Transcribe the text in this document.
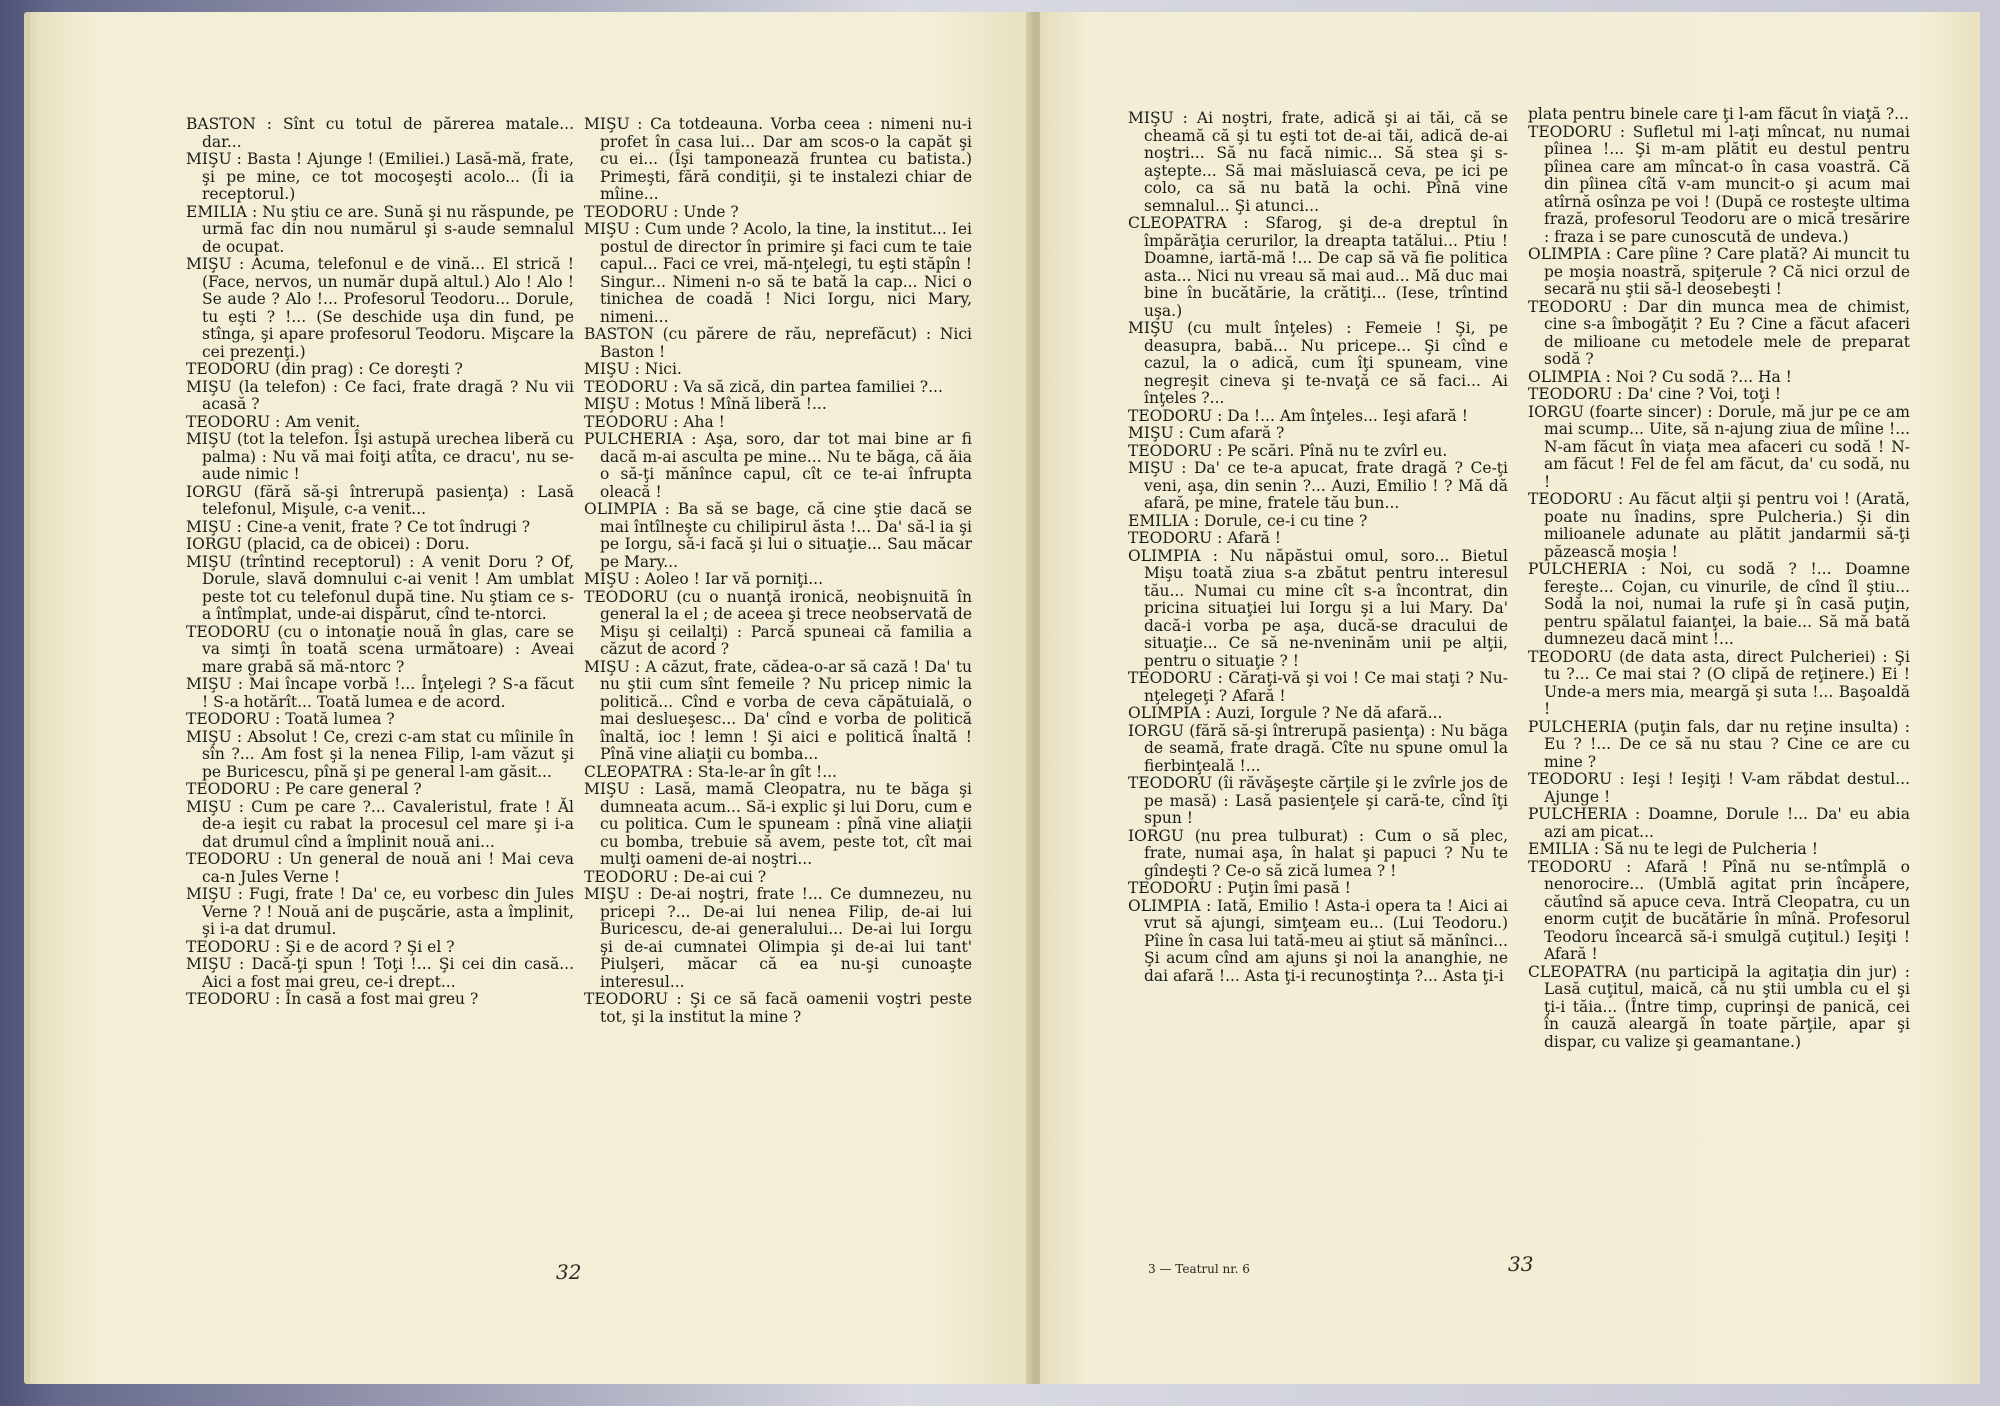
BASTON : Sînt cu totul de părerea matale... dar...

MIŞU : Basta ! Ajunge ! (Emiliei.) Lasă-mă, frate, şi pe mine, ce tot mocoşeşti acolo... (Îi ia receptorul.)

EMILIA : Nu ştiu ce are. Sună şi nu răspunde, pe urmă fac din nou numărul şi s-aude semnalul de ocupat.

MIŞU : Acuma, telefonul e de vină... El strică ! (Face, nervos, un număr după altul.) Alo ! Alo ! Se aude ? Alo !... Profesorul Teodoru... Dorule, tu eşti ? !... (Se deschide uşa din fund, pe stînga, şi apare profesorul Teodoru. Mişcare la cei prezenţi.)

TEODORU (din prag) : Ce doreşti ?

MIŞU (la telefon) : Ce faci, frate dragă ? Nu vii acasă ?

TEODORU : Am venit.

MIŞU (tot la telefon. Îşi astupă urechea liberă cu palma) : Nu vă mai foiţi atîta, ce dracu', nu se-aude nimic !

IORGU (fără să-şi întrerupă pasienţa) : Lasă telefonul, Mişule, c-a venit...

MIŞU : Cine-a venit, frate ? Ce tot îndrugi ?

IORGU (placid, ca de obicei) : Doru.

MIŞU (trîntind receptorul) : A venit Doru ? Of, Dorule, slavă domnului c-ai venit ! Am umblat peste tot cu telefonul după tine. Nu ştiam ce s-a întîmplat, unde-ai dispărut, cînd te-ntorci.

TEODORU (cu o intonaţie nouă în glas, care se va simţi în toată scena următoare) : Aveai mare grabă să mă-ntorc ?

MIŞU : Mai încape vorbă !... Înţelegi ? S-a făcut ! S-a hotărît... Toată lumea e de acord.

TEODORU : Toată lumea ?

MIŞU : Absolut ! Ce, crezi c-am stat cu mîinile în sîn ?... Am fost şi la nenea Filip, l-am văzut şi pe Buricescu, pînă şi pe general l-am găsit...

TEODORU : Pe care general ?

MIŞU : Cum pe care ?... Cavaleristul, frate ! Ăl de-a ieşit cu rabat la procesul cel mare şi i-a dat drumul cînd a împlinit nouă ani...

TEODORU : Un general de nouă ani ! Mai ceva ca-n Jules Verne !

MIŞU : Fugi, frate ! Da' ce, eu vorbesc din Jules Verne ? ! Nouă ani de puşcărie, asta a împlinit, şi i-a dat drumul.

TEODORU : Şi e de acord ? Şi el ?

MIŞU : Dacă-ţi spun ! Toţi !... Şi cei din casă... Aici a fost mai greu, ce-i drept...

TEODORU : În casă a fost mai greu ?

MIŞU : Ca totdeauna. Vorba ceea : nimeni nu-i profet în casa lui... Dar am scos-o la capăt şi cu ei... (Îşi tamponează fruntea cu batista.) Primeşti, fără condiţii, şi te instalezi chiar de mîine...

TEODORU : Unde ?

MIŞU : Cum unde ? Acolo, la tine, la institut... Iei postul de director în primire şi faci cum te taie capul... Faci ce vrei, mă-nţelegi, tu eşti stăpîn ! Singur... Nimeni n-o să te bată la cap... Nici o tinichea de coadă ! Nici Iorgu, nici Mary, nimeni...

BASTON (cu părere de rău, neprefăcut) : Nici Baston !

MIŞU : Nici.

TEODORU : Va să zică, din partea familiei ?...

MIŞU : Motus ! Mînă liberă !...

TEODORU : Aha !

PULCHERIA : Aşa, soro, dar tot mai bine ar fi dacă m-ai asculta pe mine... Nu te băga, că ăia o să-ţi mănînce capul, cît ce te-ai înfrupta oleacă !

OLIMPIA : Ba să se bage, că cine ştie dacă se mai întîlneşte cu chilipirul ăsta !... Da' să-l ia şi pe Iorgu, să-i facă şi lui o situaţie... Sau măcar pe Mary...

MIŞU : Aoleo ! Iar vă porniţi...

TEODORU (cu o nuanţă ironică, neobişnuită în general la el ; de aceea şi trece neobservată de Mişu şi ceilalţi) : Parcă spuneai că familia a căzut de acord ?

MIŞU : A căzut, frate, cădea-o-ar să cază ! Da' tu nu ştii cum sînt femeile ? Nu pricep nimic la politică... Cînd e vorba de ceva căpătuială, o mai deslueşesc... Da' cînd e vorba de politică înaltă, ioc ! lemn ! Şi aici e politică înaltă ! Pînă vine aliaţii cu bomba...

CLEOPATRA : Sta-le-ar în gît !...

MIŞU : Lasă, mamă Cleopatra, nu te băga şi dumneata acum... Să-i explic şi lui Doru, cum e cu politica. Cum le spuneam : pînă vine aliaţii cu bomba, trebuie să avem, peste tot, cît mai mulţi oameni de-ai noştri...

TEODORU : De-ai cui ?

MIŞU : De-ai noştri, frate !... Ce dumnezeu, nu pricepi ?... De-ai lui nenea Filip, de-ai lui Buricescu, de-ai generalului... De-ai lui Iorgu şi de-ai cumnatei Olimpia şi de-ai lui tant' Piulşeri, măcar că ea nu-şi cunoaşte interesul...

TEODORU : Şi ce să facă oamenii voştri peste tot, şi la institut la mine ?

32

MIŞU : Ai noştri, frate, adică şi ai tăi, că se cheamă că şi tu eşti tot de-ai tăi, adică de-ai noştri... Să nu facă nimic... Să stea şi s-aştepte... Să mai măsluiască ceva, pe ici pe colo, ca să nu bată la ochi. Pînă vine semnalul... Şi atunci...

CLEOPATRA : Sfarog, şi de-a dreptul în împărăţia cerurilor, la dreapta tatălui... Ptiu ! Doamne, iartă-mă !... De cap să vă fie politica asta... Nici nu vreau să mai aud... Mă duc mai bine în bucătărie, la crătiţi... (Iese, trîntind uşa.)

MIŞU (cu mult înţeles) : Femeie ! Şi, pe deasupra, babă... Nu pricepe... Şi cînd e cazul, la o adică, cum îţi spuneam, vine negreşit cineva şi te-nvaţă ce să faci... Ai înţeles ?...

TEODORU : Da !... Am înţeles... Ieşi afară !

MIŞU : Cum afară ?

TEODORU : Pe scări. Pînă nu te zvîrl eu.

MIŞU : Da' ce te-a apucat, frate dragă ? Ce-ţi veni, aşa, din senin ?... Auzi, Emilio ! ? Mă dă afară, pe mine, fratele tău bun...

EMILIA : Dorule, ce-i cu tine ?

TEODORU : Afară !

OLIMPIA : Nu năpăstui omul, soro... Bietul Mişu toată ziua s-a zbătut pentru interesul tău... Numai cu mine cît s-a încontrat, din pricina situaţiei lui Iorgu şi a lui Mary. Da' dacă-i vorba pe aşa, ducă-se dracului de situaţie... Ce să ne-nveninăm unii pe alţii, pentru o situaţie ? !

TEODORU : Căraţi-vă şi voi ! Ce mai staţi ? Nu-nţelegeţi ? Afară !

OLIMPIA : Auzi, Iorgule ? Ne dă afară...

IORGU (fără să-şi întrerupă pasienţa) : Nu băga de seamă, frate dragă. Cîte nu spune omul la fierbinţeală !...

TEODORU (îi răvăşeşte cărţile şi le zvîrle jos de pe masă) : Lasă pasienţele şi cară-te, cînd îţi spun !

IORGU (nu prea tulburat) : Cum o să plec, frate, numai aşa, în halat şi papuci ? Nu te gîndeşti ? Ce-o să zică lumea ? !

TEODORU : Puţin îmi pasă !

OLIMPIA : Iată, Emilio ! Asta-i opera ta ! Aici ai vrut să ajungi, simţeam eu... (Lui Teodoru.) Pîine în casa lui tată-meu ai ştiut să mănînci... Şi acum cînd am ajuns şi noi la ananghie, ne dai afară !... Asta ţi-i recunoştinţa ?... Asta ţi-i

plata pentru binele care ţi l-am făcut în viaţă ?...

TEODORU : Sufletul mi l-aţi mîncat, nu numai pîinea !... Şi m-am plătit eu destul pentru pîinea care am mîncat-o în casa voastră. Că din pîinea cîtă v-am muncit-o şi acum mai atîrnă osînza pe voi ! (După ce rosteşte ultima frază, profesorul Teodoru are o mică tresărire : fraza i se pare cunoscută de undeva.)

OLIMPIA : Care pîine ? Care plată? Ai muncit tu pe moşia noastră, spiţerule ? Că nici orzul de secară nu ştii să-l deosebeşti !

TEODORU : Dar din munca mea de chimist, cine s-a îmbogăţit ? Eu ? Cine a făcut afaceri de milioane cu metodele mele de preparat sodă ?

OLIMPIA : Noi ? Cu sodă ?... Ha !

TEODORU : Da' cine ? Voi, toţi !

IORGU (foarte sincer) : Dorule, mă jur pe ce am mai scump... Uite, să n-ajung ziua de mîine !... N-am făcut în viaţa mea afaceri cu sodă ! N-am făcut ! Fel de fel am făcut, da' cu sodă, nu !

TEODORU : Au făcut alţii şi pentru voi ! (Arată, poate nu înadins, spre Pulcheria.) Şi din milioanele adunate au plătit jandarmii să-ţi păzească moşia !

PULCHERIA : Noi, cu sodă ? !... Doamne fereşte... Cojan, cu vinurile, de cînd îl ştiu... Sodă la noi, numai la rufe şi în casă puţin, pentru spălatul faianţei, la baie... Să mă bată dumnezeu dacă mint !...

TEODORU (de data asta, direct Pulcheriei) : Şi tu ?... Ce mai stai ? (O clipă de reţinere.) Ei ! Unde-a mers mia, meargă şi suta !... Başoaldă !

PULCHERIA (puţin fals, dar nu reţine insulta) : Eu ? !... De ce să nu stau ? Cine ce are cu mine ?

TEODORU : Ieşi ! Ieşiţi ! V-am răbdat destul... Ajunge !

PULCHERIA : Doamne, Dorule !... Da' eu abia azi am picat...

EMILIA : Să nu te legi de Pulcheria !

TEODORU : Afară ! Pînă nu se-ntîmplă o nenorocire... (Umblă agitat prin încăpere, căutînd să apuce ceva. Intră Cleopatra, cu un enorm cuţit de bucătărie în mînă. Profesorul Teodoru încearcă să-i smulgă cuţitul.) Ieşiţi ! Afară !

CLEOPATRA (nu participă la agitaţia din jur) : Lasă cuţitul, maică, că nu ştii umbla cu el şi ţi-i tăia... (Între timp, cuprinşi de panică, cei în cauză aleargă în toate părţile, apar şi dispar, cu valize şi geamantane.)

3 — Teatrul nr. 6	33
